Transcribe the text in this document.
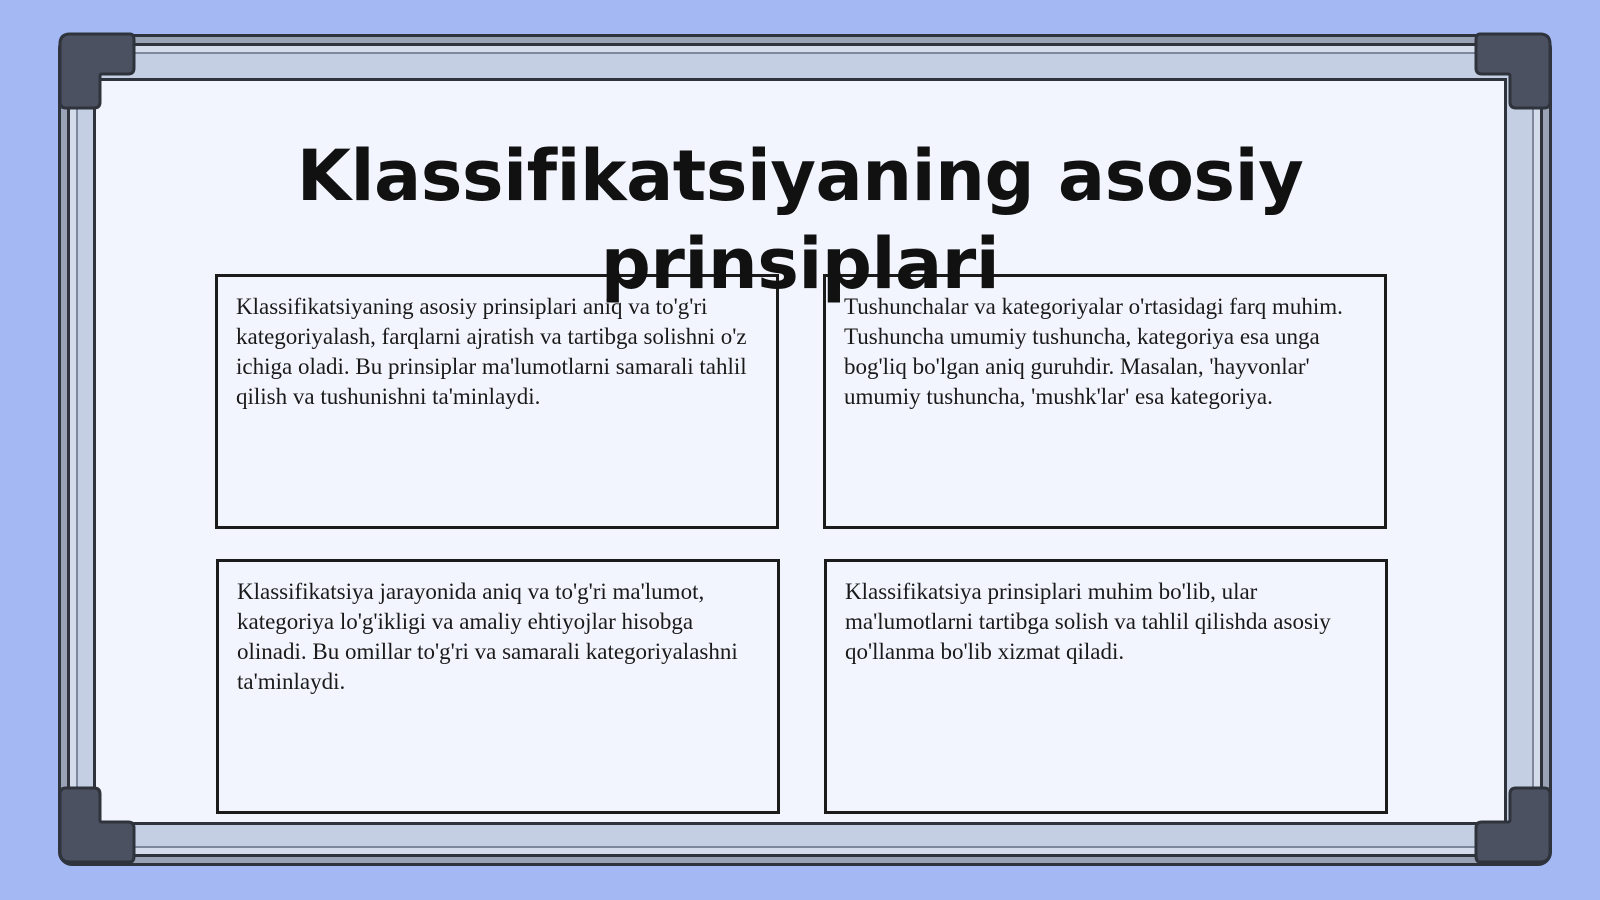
Klassifikatsiyaning asosiy prinsiplari

Klassifikatsiyaning asosiy prinsiplari aniq va to'g'ri kategoriyalash, farqlarni ajratish va tartibga solishni o'z ichiga oladi. Bu prinsiplar ma'lumotlarni samarali tahlil qilish va tushunishni ta'minlaydi.

Tushunchalar va kategoriyalar o'rtasidagi farq muhim. Tushuncha umumiy tushuncha, kategoriya esa unga bog'liq bo'lgan aniq guruhdir. Masalan, 'hayvonlar' umumiy tushuncha, 'mushk'lar' esa kategoriya.

Klassifikatsiya jarayonida aniq va to'g'ri ma'lumot, kategoriya lo'g'ikligi va amaliy ehtiyojlar hisobga olinadi. Bu omillar to'g'ri va samarali kategoriyalashni ta'minlaydi.

Klassifikatsiya prinsiplari muhim bo'lib, ular ma'lumotlarni tartibga solish va tahlil qilishda asosiy qo'llanma bo'lib xizmat qiladi.
